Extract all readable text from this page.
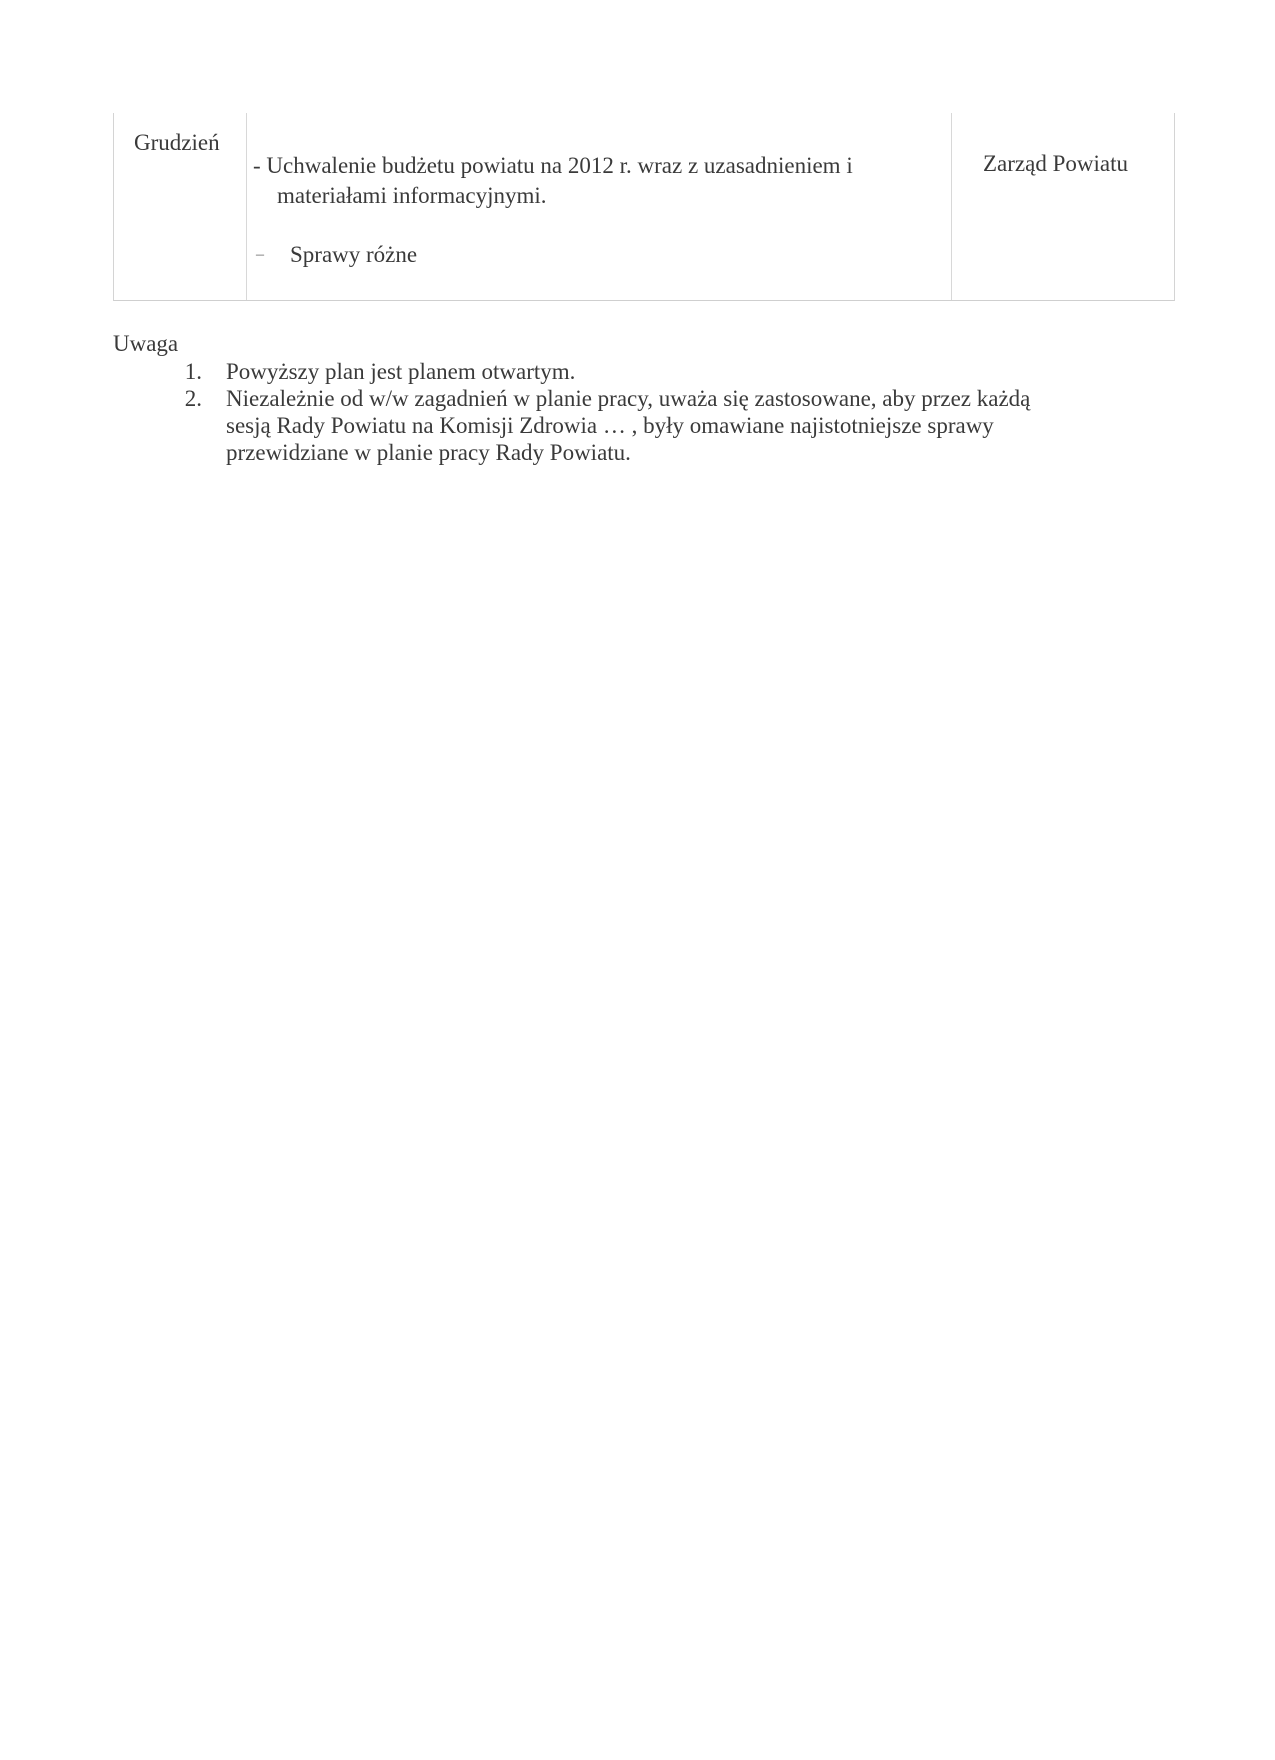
Grudzień
- Uchwalenie budżetu powiatu na 2012 r. wraz z uzasadnieniem i
materiałami informacyjnymi.
– Sprawy różne
Zarząd Powiatu
Uwaga
1. Powyższy plan jest planem otwartym.
2. Niezależnie od w/w zagadnień w planie pracy, uważa się zastosowane, aby przez każdą
sesją Rady Powiatu na Komisji Zdrowia … , były omawiane najistotniejsze sprawy
przewidziane w planie pracy Rady Powiatu.
